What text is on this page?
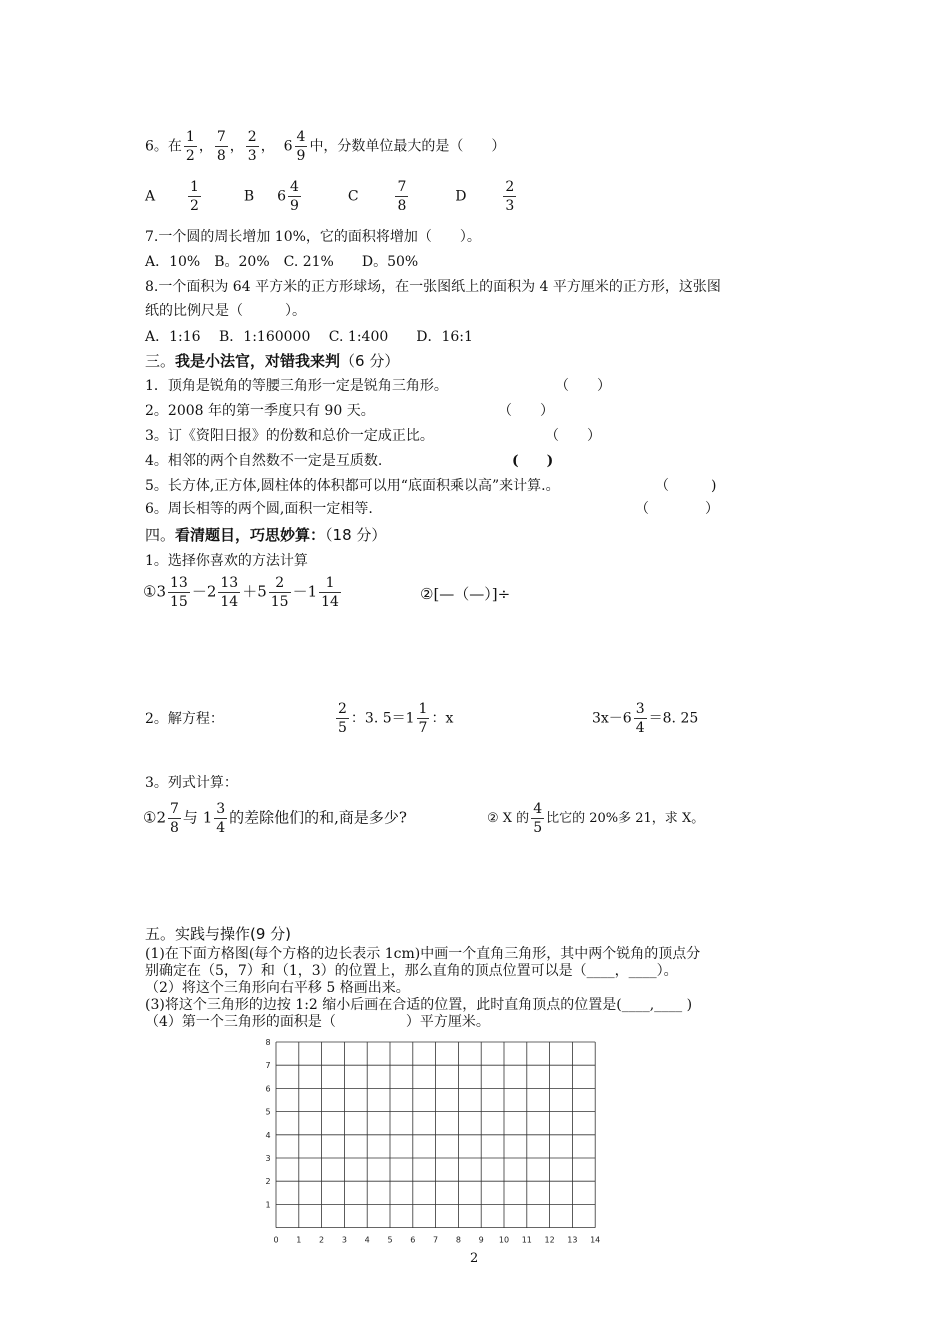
6。在 $\frac{1}{2}$ ， $\frac{7}{8}$ ， $\frac{2}{3}$ ，  $6 \frac{4}{9}$ 中，分数单位最大的是（　　）
A $\frac{1}{2}$	B $6 \frac{4}{9}$	C	$\frac{7}{8}$	D	$\frac{2}{3}$
7.一个圆的周长增加 10%，它的面积将增加（　　）。
A．10%　B。20%　C. 21%　　D。50%
8.一个面积为 64 平方米的正方形球场，在一张图纸上的面积为 4 平方厘米的正方形，这张图
纸的比例尺是（　　　）。
A．1:16　 B．1:160000　 C. 1:400　　D．16:1
三。我是小法官，对错我来判（6 分）
1．顶角是锐角的等腰三角形一定是锐角三角形。	（　　）
2。2008 年的第一季度只有 90 天。	（　　）
3。订《资阳日报》的份数和总价一定成正比。	（　　）
4。相邻的两个自然数不一定是互质数.	(　　)
5。长方体,正方体,圆柱体的体积都可以用“底面积乘以高”来计算.。	（　　　)
6。周长相等的两个圆,面积一定相等.	（　　　　）
四。看清题目，巧思妙算：（18 分）
1。选择你喜欢的方法计算
①3 $\frac{13}{15} -2 \frac{13}{14} +5 \frac{2}{15} -1 \frac{1}{14}$	②[—（—）]÷
2。解方程：	$\frac{2}{5}$ ：3. $5=1 \frac{1}{7}$ ：x	$3x-6 \frac{3}{4} =8$. 25
3。列式计算：
①2 $\frac{7}{8}$ 与 $1 \frac{3}{4}$ 的差除他们的和,商是多少?	② X 的 $\frac{4}{5}$ 比它的 20%多 21，求 X。
五。实践与操作(9 分)
(1)在下面方格图(每个方格的边长表示 1cm)中画一个直角三角形，其中两个锐角的顶点分
别确定在（5，7）和（1，3）的位置上，那么直角的顶点位置可以是（____，____）。
（2）将这个三角形向右平移 5 格画出来。
(3)将这个三角形的边按 1:2 缩小后画在合适的位置，此时直角顶点的位置是(____,____ )
（4）第一个三角形的面积是（　　　　　）平方厘米。
0 1 2 3 4 5 6 7 8 9 10 11 12 13 14
1
2
3
4
5
6
7
8
2
